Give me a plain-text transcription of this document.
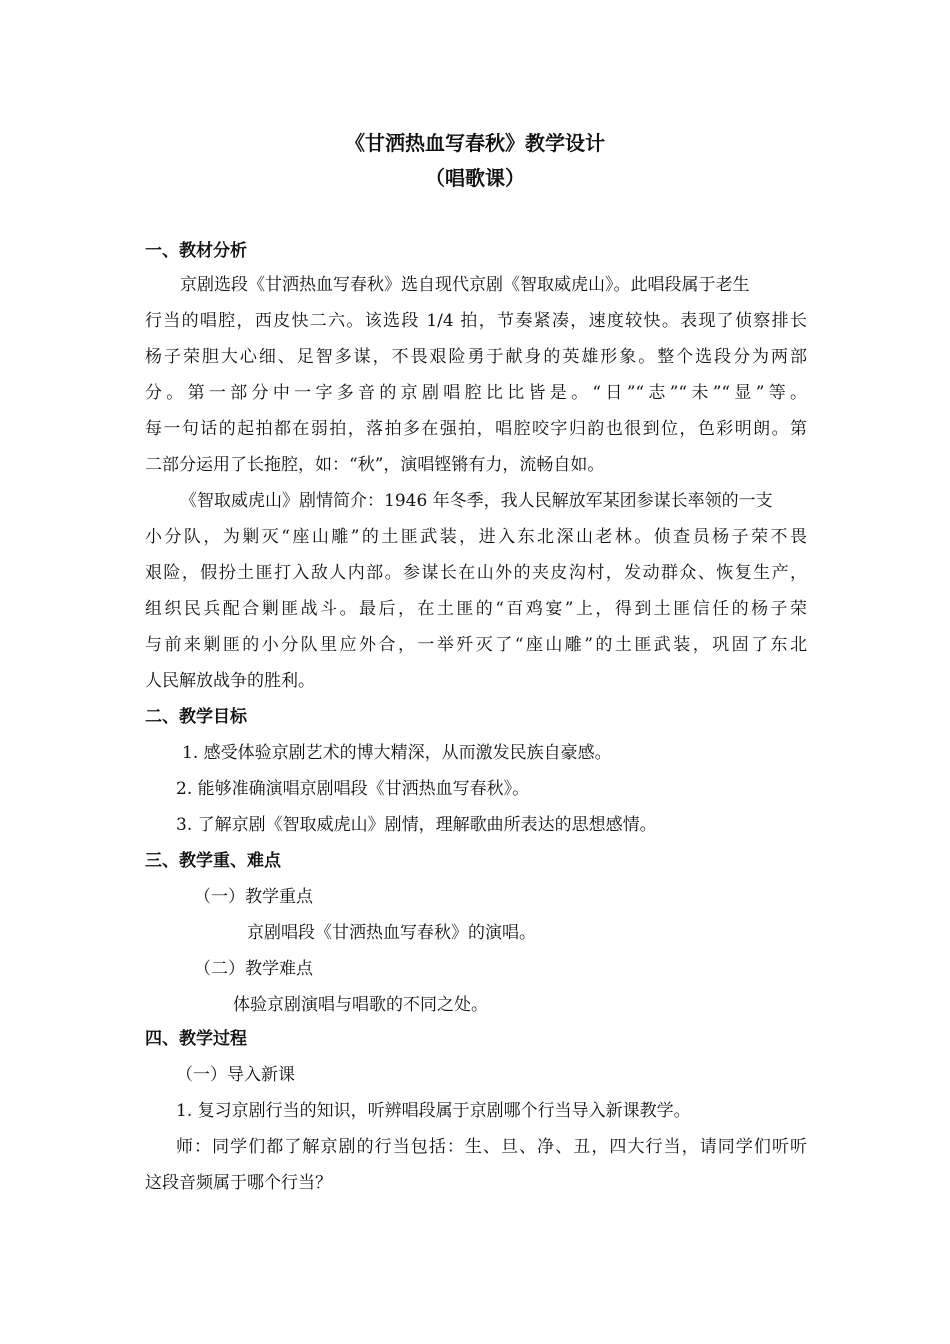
《甘洒热血写春秋》教学设计
（唱歌课）
一、教材分析
京剧选段《甘洒热血写春秋》选自现代京剧《智取威虎山》。此唱段属于老生
行当的唱腔，西皮快二六。该选段 1/4 拍，节奏紧凑，速度较快。表现了侦察排长
杨子荣胆大心细、足智多谋，不畏艰险勇于献身的英雄形象。整个选段分为两部
分。第一部分中一字多音的京剧唱腔比比皆是。“日”“志”“未”“显”等。
每一句话的起拍都在弱拍，落拍多在强拍，唱腔咬字归韵也很到位，色彩明朗。第
二部分运用了长拖腔，如：“秋”，演唱铿锵有力，流畅自如。
《智取威虎山》剧情简介：1946 年冬季，我人民解放军某团参谋长率领的一支
小分队，为剿灭“座山雕”的土匪武装，进入东北深山老林。侦查员杨子荣不畏
艰险，假扮土匪打入敌人内部。参谋长在山外的夹皮沟村，发动群众、恢复生产，
组织民兵配合剿匪战斗。最后，在土匪的“百鸡宴”上，得到土匪信任的杨子荣
与前来剿匪的小分队里应外合，一举歼灭了“座山雕”的土匪武装，巩固了东北
人民解放战争的胜利。
二、教学目标
1. 感受体验京剧艺术的博大精深，从而激发民族自豪感。
2. 能够准确演唱京剧唱段《甘洒热血写春秋》。
3. 了解京剧《智取威虎山》剧情，理解歌曲所表达的思想感情。
三、教学重、难点
（一）教学重点
京剧唱段《甘洒热血写春秋》的演唱。
（二）教学难点
体验京剧演唱与唱歌的不同之处。
四、教学过程
（一）导入新课
1. 复习京剧行当的知识，听辨唱段属于京剧哪个行当导入新课教学。
师：同学们都了解京剧的行当包括：生、旦、净、丑，四大行当，请同学们听听
这段音频属于哪个行当？
